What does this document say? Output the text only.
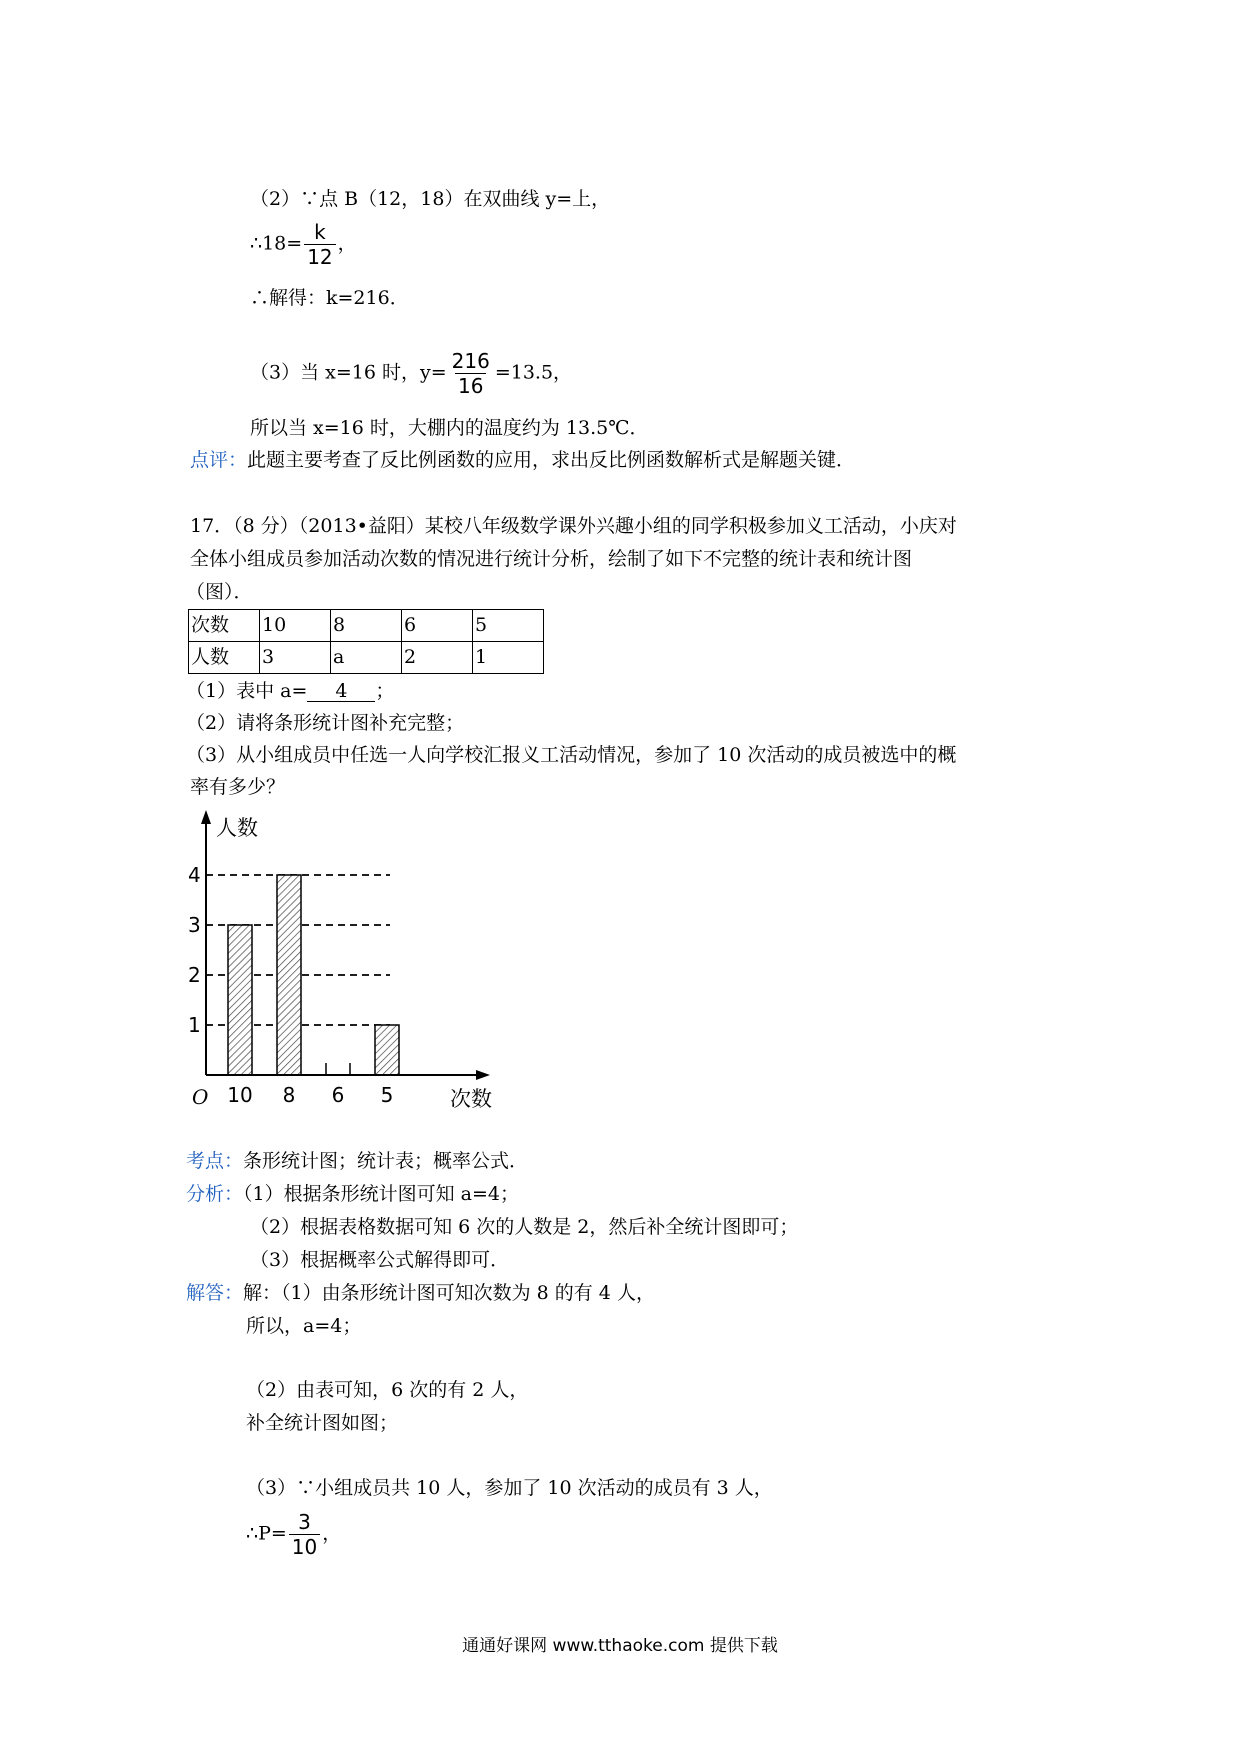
（2）∵点 B（12，18）在双曲线 y=上，
∴18= $\frac{k}{12}$ ，
∴解得：k=216．
（3）当 x=16 时，$y= \frac{216}{16} =13.5$，
所以当 x=16 时，大棚内的温度约为 13.5℃．
点评：此题主要考查了反比例函数的应用，求出反比例函数解析式是解题关键．
17．（8 分）（2013•益阳）某校八年级数学课外兴趣小组的同学积极参加义工活动，小庆对
全体小组成员参加活动次数的情况进行统计分析，绘制了如下不完整的统计表和统计图
（图）．
次数	10	8	6	5
人数	3	a	2	1
（1）表中 a= 4 ；
（2）请将条形统计图补充完整；
（3）从小组成员中任选一人向学校汇报义工活动情况，参加了 10 次活动的成员被选中的概
率有多少？
人数
次数
O
1
2
3
4
10 8 6 5
考点：条形统计图；统计表；概率公式．
分析：（1）根据条形统计图可知 a=4；
（2）根据表格数据可知 6 次的人数是 2，然后补全统计图即可；
（3）根据概率公式解得即可．
解答：解：（1）由条形统计图可知次数为 8 的有 4 人，
所以，a=4；
（2）由表可知，6 次的有 2 人，
补全统计图如图；
（3）∵小组成员共 10 人，参加了 10 次活动的成员有 3 人，
∴P= $\frac{3}{10}$ ，
通通好课网 www.tthaoke.com 提供下载
